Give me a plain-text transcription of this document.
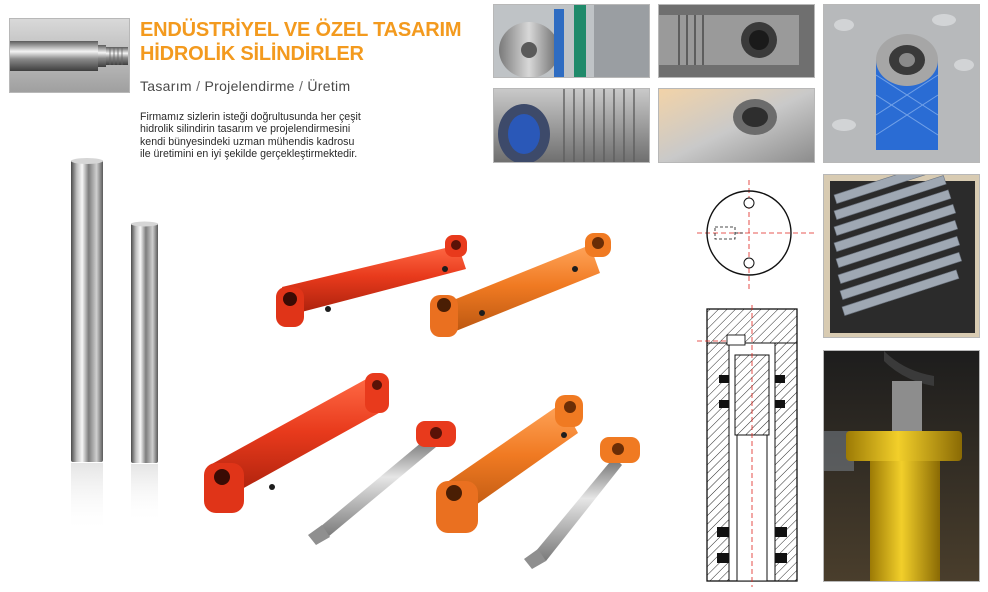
ENDÜSTRİYEL VE ÖZEL TASARIM
HİDROLİK SİLİNDİRLER
Tasarım / Projelendirme / Üretim
Firmamız sizlerin isteği doğrultusunda her çeşit
hidrolik silindirin tasarım ve projelendirmesini
kendi bünyesindeki uzman mühendis kadrosu
ile üretimini en iyi şekilde gerçekleştirmektedir.
